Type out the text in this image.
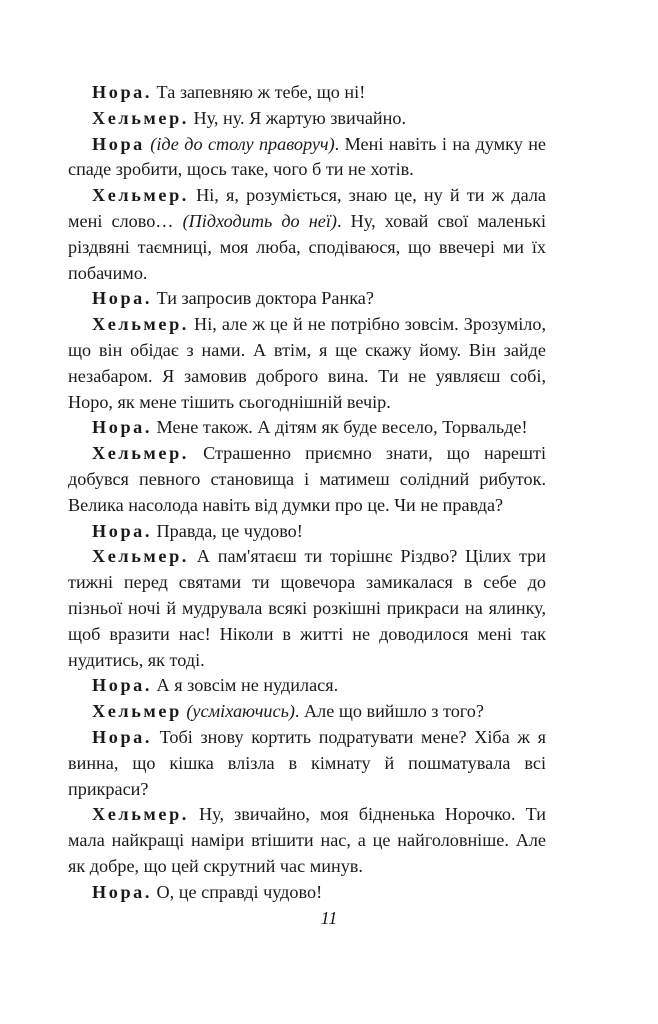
Нора. Та запевняю ж тебе, що ні!

Хельмер. Ну, ну. Я жартую звичайно.

Нора (іде до столу праворуч). Мені навіть і на думку не спаде зробити, щось таке, чого б ти не хотів.

Хельмер. Ні, я, розуміється, знаю це, ну й ти ж дала мені слово… (Підходить до неї). Ну, ховай свої маленькі різдвяні таємниці, моя люба, сподіваюся, що ввечері ми їх побачимо.

Нора. Ти запросив доктора Ранка?

Хельмер. Ні, але ж це й не потрібно зовсім. Зрозуміло, що він обідає з нами. А втім, я ще скажу йому. Він зайде незабаром. Я замовив доброго вина. Ти не уявляєш собі, Норо, як мене тішить сьогоднішній вечір.

Нора. Мене також. А дітям як буде весело, Торвальде!

Хельмер. Страшенно приємно знати, що нарешті добувся певного становища і матимеш солідний рибуток. Велика насолода навіть від думки про це. Чи не правда?

Нора. Правда, це чудово!

Хельмер. А пам'ятаєш ти торішнє Різдво? Цілих три тижні перед святами ти щовечора замикалася в себе до пізньої ночі й мудрувала всякі розкішні прикраси на ялинку, щоб вразити нас! Ніколи в житті не доводилося мені так нудитись, як тоді.

Нора. А я зовсім не нудилася.

Хельмер (усміхаючись). Але що вийшло з того?

Нора. Тобі знову кортить подратувати мене? Хіба ж я винна, що кішка влізла в кімнату й пошматувала всі прикраси?

Хельмер. Ну, звичайно, моя бідненька Норочко. Ти мала найкращі наміри втішити нас, а це найголовніше. Але як добре, що цей скрутний час минув.

Нора. О, це справді чудово!

11
